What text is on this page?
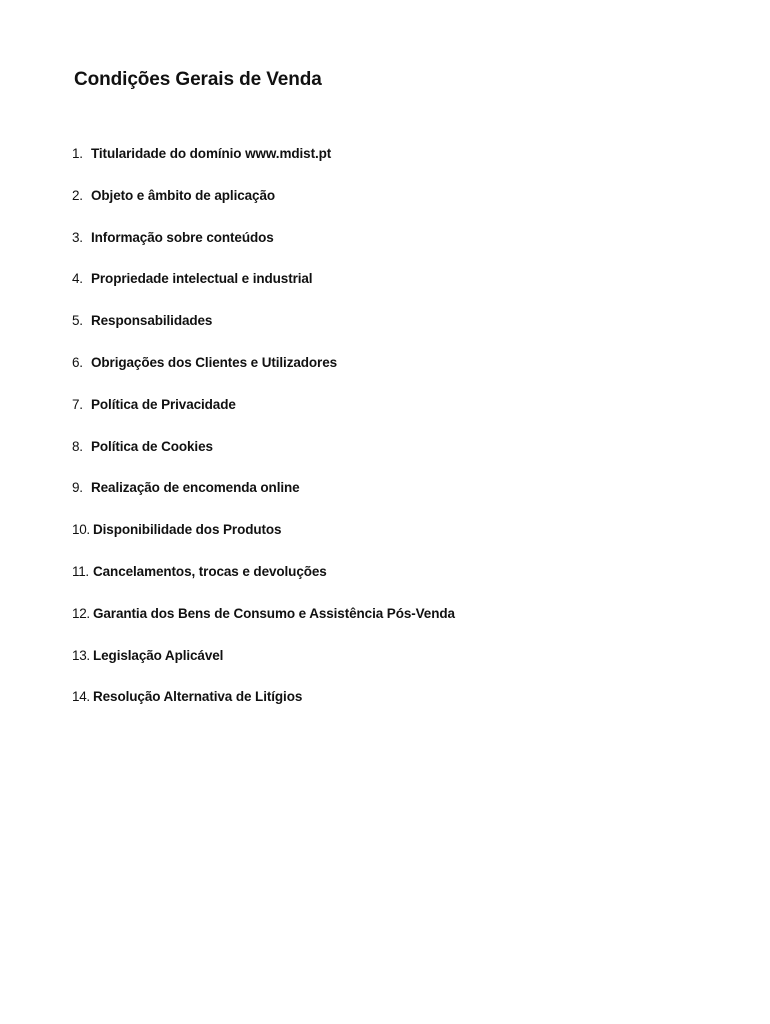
Condições Gerais de Venda
1. Titularidade do domínio www.mdist.pt
2. Objeto e âmbito de aplicação
3. Informação sobre conteúdos
4. Propriedade intelectual e industrial
5. Responsabilidades
6. Obrigações dos Clientes e Utilizadores
7. Política de Privacidade
8. Política de Cookies
9. Realização de encomenda online
10. Disponibilidade dos Produtos
11. Cancelamentos, trocas e devoluções
12. Garantia dos Bens de Consumo e Assistência Pós-Venda
13. Legislação Aplicável
14. Resolução Alternativa de Litígios
